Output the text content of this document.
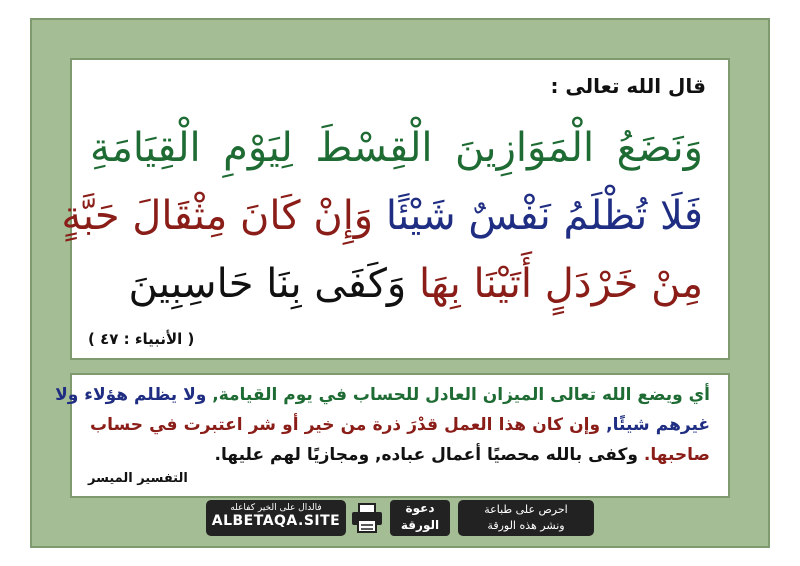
قال الله تعالى :
وَنَضَعُ الْمَوَازِينَ الْقِسْطَ لِيَوْمِ الْقِيَامَةِ
فَلَا تُظْلَمُ نَفْسٌ شَيْئًا وَإِنْ كَانَ مِثْقَالَ حَبَّةٍ
مِنْ خَرْدَلٍ أَتَيْنَا بِهَا وَكَفَى بِنَا حَاسِبِينَ
( الأنبياء : ٤٧ )
أي ويضع الله تعالى الميزان العادل للحساب في يوم القيامة, ولا يظلم هؤلاء ولا
غيرهم شيئًا, وإن كان هذا العمل قدْرَ ذرة من خير أو شر اعتبرت في حساب
صاحبها. وكفى بالله محصيًا أعمال عباده, ومجازيًا لهم عليها.
التفسير الميسر
فالدال على الخير كفاعله
ALBETAQA.SITE
دعوة
الورقة
احرص على طباعة
ونشر هذه الورقة
